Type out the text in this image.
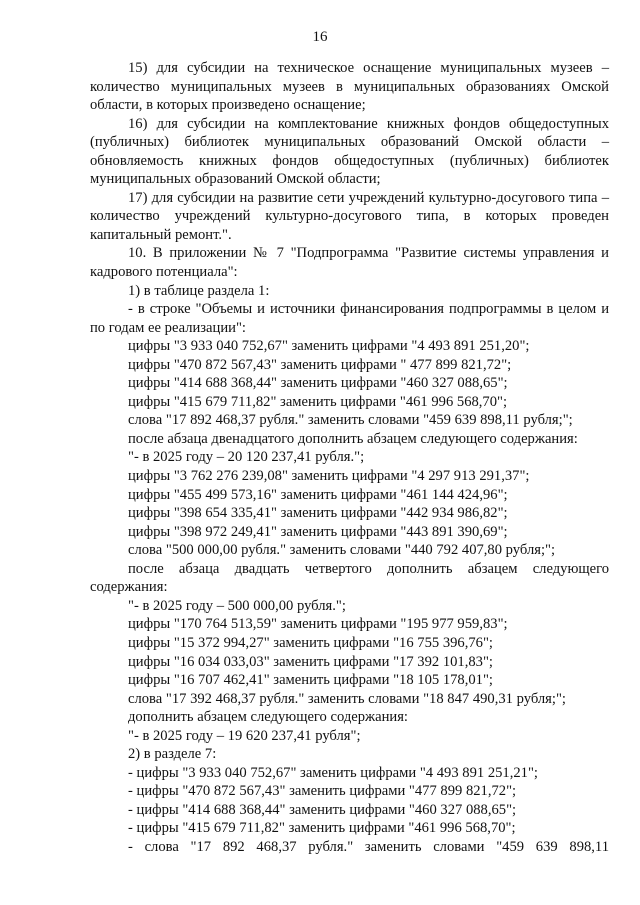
16

15) для субсидии на техническое оснащение муниципальных музеев – количество муниципальных музеев в муниципальных образованиях Омской области, в которых произведено оснащение;

16) для субсидии на комплектование книжных фондов общедоступных (публичных) библиотек муниципальных образований Омской области – обновляемость книжных фондов общедоступных (публичных) библиотек муниципальных образований Омской области;

17) для субсидии на развитие сети учреждений культурно-досугового типа – количество учреждений культурно-досугового типа, в которых проведен капитальный ремонт.".

10. В приложении № 7 "Подпрограмма "Развитие системы управления и кадрового потенциала":

1) в таблице раздела 1:

- в строке "Объемы и источники финансирования подпрограммы в целом и по годам ее реализации":

цифры "3 933 040 752,67" заменить цифрами "4 493 891 251,20";

цифры "470 872 567,43" заменить цифрами " 477 899 821,72";

цифры "414 688 368,44" заменить цифрами "460 327 088,65";

цифры "415 679 711,82" заменить цифрами "461 996 568,70";

слова "17 892 468,37 рубля." заменить словами "459 639 898,11 рубля;";

после абзаца двенадцатого дополнить абзацем следующего содержания:

"- в 2025 году – 20 120 237,41 рубля.";

цифры "3 762 276 239,08" заменить цифрами "4 297 913 291,37";

цифры "455 499 573,16" заменить цифрами "461 144 424,96";

цифры "398 654 335,41" заменить цифрами "442 934 986,82";

цифры "398 972 249,41" заменить цифрами "443 891 390,69";

слова "500 000,00 рубля." заменить словами "440 792 407,80 рубля;";

после абзаца двадцать четвертого дополнить абзацем следующего содержания:

"- в 2025 году – 500 000,00 рубля.";

цифры "170 764 513,59" заменить цифрами "195 977 959,83";

цифры "15 372 994,27" заменить цифрами "16 755 396,76";

цифры "16 034 033,03" заменить цифрами "17 392 101,83";

цифры "16 707 462,41" заменить цифрами "18 105 178,01";

слова "17 392 468,37 рубля." заменить словами "18 847 490,31 рубля;";

дополнить абзацем следующего содержания:

"- в 2025 году – 19 620 237,41 рубля";

2) в разделе 7:

- цифры "3 933 040 752,67" заменить цифрами "4 493 891 251,21";

- цифры "470 872 567,43" заменить цифрами "477 899 821,72";

- цифры "414 688 368,44" заменить цифрами "460 327 088,65";

- цифры "415 679 711,82" заменить цифрами "461 996 568,70";

- слова "17 892 468,37 рубля." заменить словами "459 639 898,11
